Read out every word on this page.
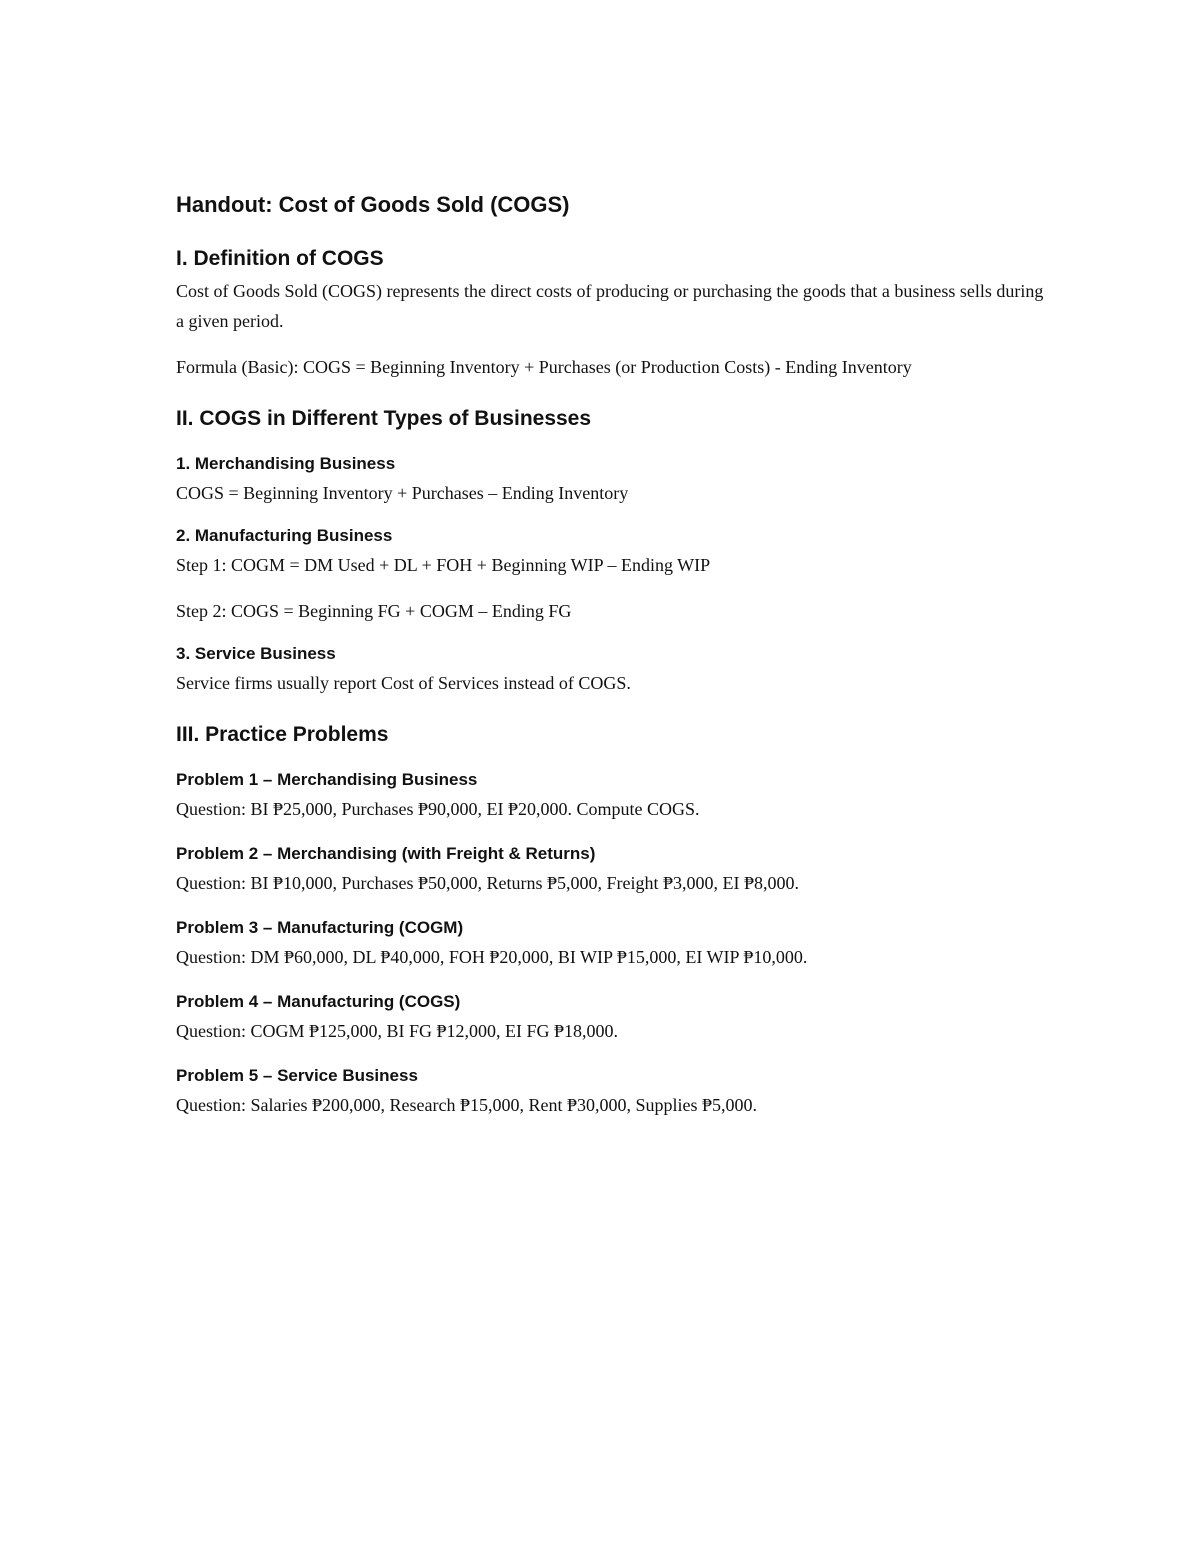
Handout: Cost of Goods Sold (COGS)
I. Definition of COGS

Cost of Goods Sold (COGS) represents the direct costs of producing or purchasing the goods that a business sells during a given period.

Formula (Basic): COGS = Beginning Inventory + Purchases (or Production Costs) - Ending Inventory

II. COGS in Different Types of Businesses
1. Merchandising Business

COGS = Beginning Inventory + Purchases – Ending Inventory

2. Manufacturing Business

Step 1: COGM = DM Used + DL + FOH + Beginning WIP – Ending WIP

Step 2: COGS = Beginning FG + COGM – Ending FG

3. Service Business

Service firms usually report Cost of Services instead of COGS.

III. Practice Problems
Problem 1 – Merchandising Business

Question: BI ₱25,000, Purchases ₱90,000, EI ₱20,000. Compute COGS.

Problem 2 – Merchandising (with Freight & Returns)

Question: BI ₱10,000, Purchases ₱50,000, Returns ₱5,000, Freight ₱3,000, EI ₱8,000.

Problem 3 – Manufacturing (COGM)

Question: DM ₱60,000, DL ₱40,000, FOH ₱20,000, BI WIP ₱15,000, EI WIP ₱10,000.

Problem 4 – Manufacturing (COGS)

Question: COGM ₱125,000, BI FG ₱12,000, EI FG ₱18,000.

Problem 5 – Service Business

Question: Salaries ₱200,000, Research ₱15,000, Rent ₱30,000, Supplies ₱5,000.
